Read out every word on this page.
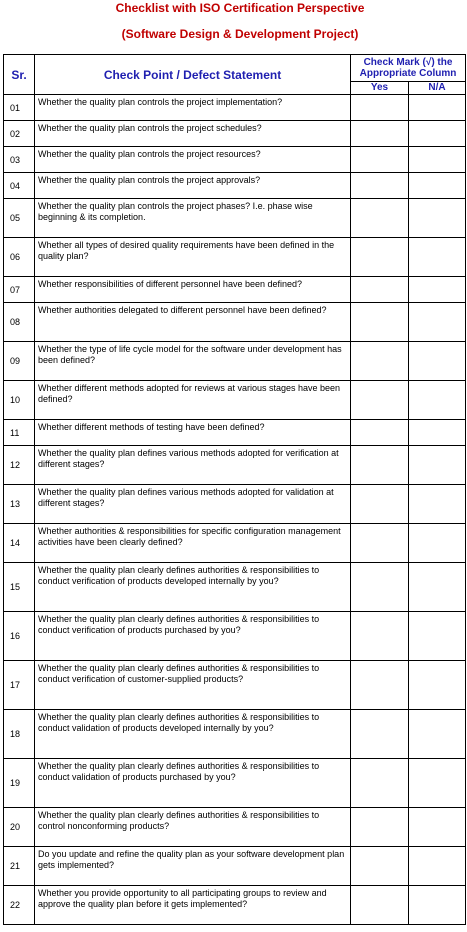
Checklist with ISO Certification Perspective
(Software Design & Development Project)
Sr.	Check Point / Defect Statement	Check Mark (√) the Appropriate Column	
		Yes	N/A
01	Whether the quality plan controls the project implementation?		
02	Whether the quality plan controls the project schedules?		
03	Whether the quality plan controls the project resources?		
04	Whether the quality plan controls the project approvals?		
05	Whether the quality plan controls the project phases? I.e. phase wise beginning & its completion.		
06	Whether all types of desired quality requirements have been defined in the quality plan?		
07	Whether responsibilities of different personnel have been defined?		
08	Whether authorities delegated to different personnel have been defined?		
09	Whether the type of life cycle model for the software under development has been defined?		
10	Whether different methods adopted for reviews at various stages have been defined?		
11	Whether different methods of testing have been defined?		
12	Whether the quality plan defines various methods adopted for verification at different stages?		
13	Whether the quality plan defines various methods adopted for validation at different stages?		
14	Whether authorities & responsibilities for specific configuration management activities have been clearly defined?		
15	Whether the quality plan clearly defines authorities & responsibilities to conduct verification of products developed internally by you?		
16	Whether the quality plan clearly defines authorities & responsibilities to conduct verification of products purchased by you?		
17	Whether the quality plan clearly defines authorities & responsibilities to conduct verification of customer-supplied products?		
18	Whether the quality plan clearly defines authorities & responsibilities to conduct validation of products developed internally by you?		
19	Whether the quality plan clearly defines authorities & responsibilities to conduct validation of products purchased by you?		
20	Whether the quality plan clearly defines authorities & responsibilities to control nonconforming products?		
21	Do you update and refine the quality plan as your software development plan gets implemented?		
22	Whether you provide opportunity to all participating groups to review and approve the quality plan before it gets implemented?		
